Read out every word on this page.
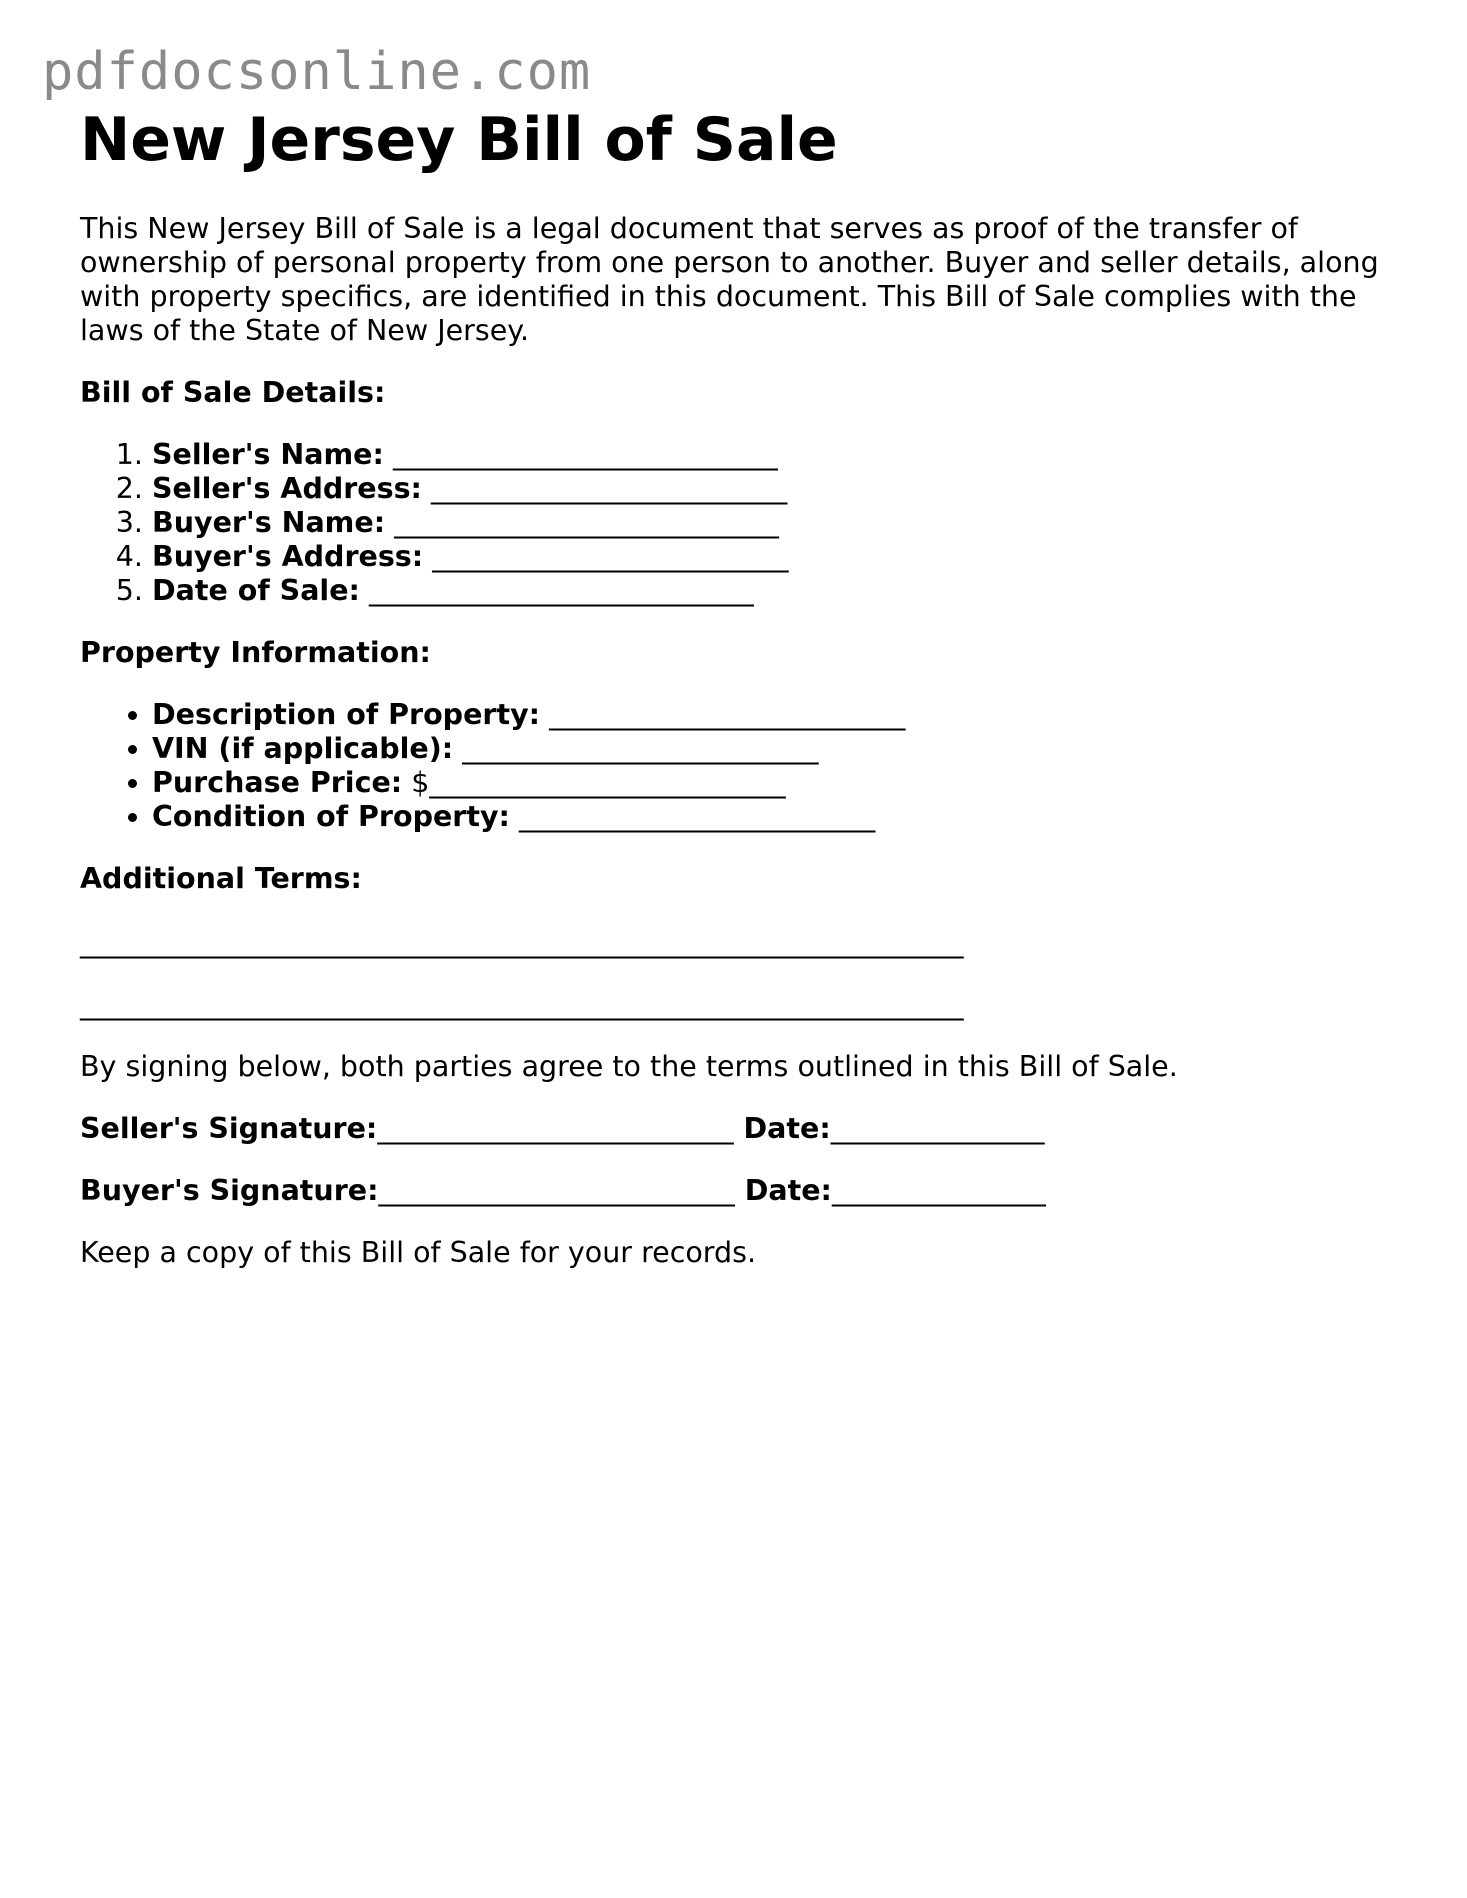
pdfdocsonline.com
New Jersey Bill of Sale

This New Jersey Bill of Sale is a legal document that serves as proof of the transfer of ownership of personal property from one person to another. Buyer and seller details, along with property specifics, are identified in this document. This Bill of Sale complies with the laws of the State of New Jersey.

Bill of Sale Details:
1. Seller's Name: ___________________________
2. Seller's Address: _________________________
3. Buyer's Name: ___________________________
4. Buyer's Address: _________________________
5. Date of Sale: ___________________________
Property Information:
• Description of Property: _________________________
• VIN (if applicable): _________________________
• Purchase Price: $_________________________
• Condition of Property: _________________________
Additional Terms:
______________________________________________________________
______________________________________________________________
By signing below, both parties agree to the terms outlined in this Bill of Sale.
Seller's Signature:_________________________ Date:_______________
Buyer's Signature:_________________________ Date:_______________
Keep a copy of this Bill of Sale for your records.
